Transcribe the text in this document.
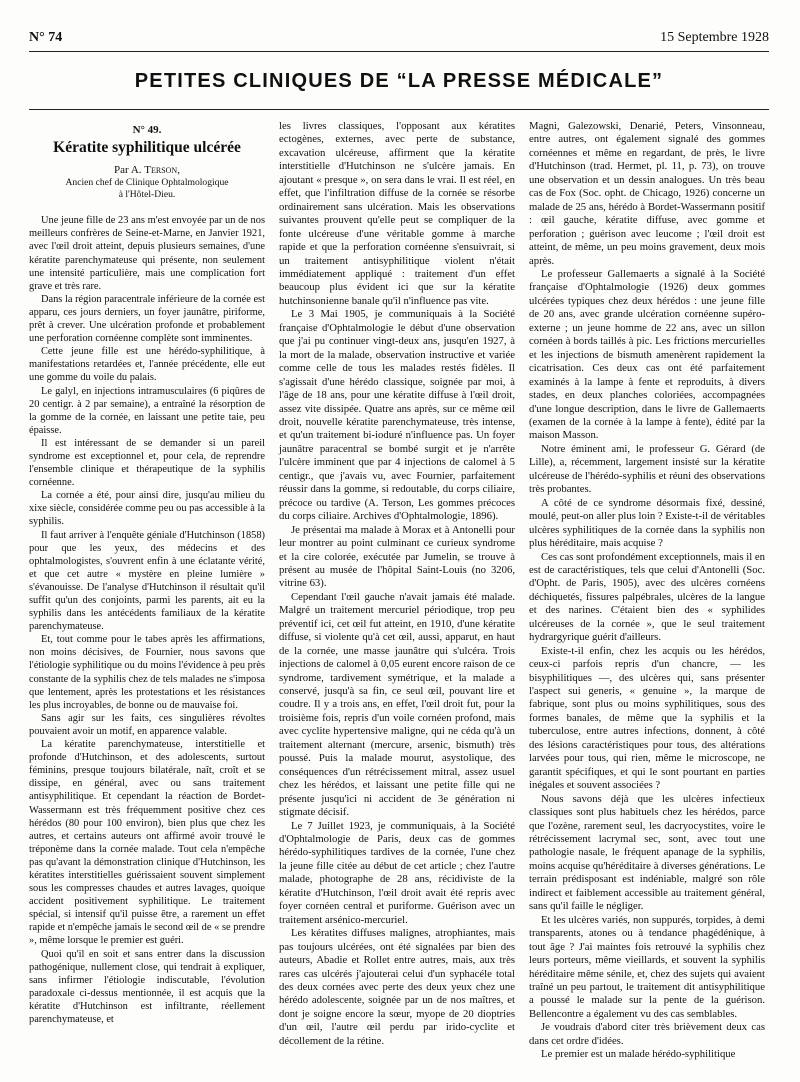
N° 74	15 Septembre 1928
PETITES CLINIQUES DE “LA PRESSE MÉDICALE”
N° 49.
Kératite syphilitique ulcérée
Par A. Terson,
Ancien chef de Clinique Ophtalmologique
à l'Hôtel-Dieu.

Une jeune fille de 23 ans m'est envoyée par un de nos meilleurs confrères de Seine-et-Marne, en Janvier 1921, avec l'œil droit atteint, depuis plusieurs semaines, d'une kératite parenchymateuse qui présente, non seulement une intensité particulière, mais une complication fort grave et très rare.

Dans la région paracentrale inférieure de la cornée est apparu, ces jours derniers, un foyer jaunâtre, piriforme, prêt à crever. Une ulcération profonde et probablement une perforation cornéenne complète sont imminentes.

Cette jeune fille est une hérédo-syphilitique, à manifestations retardées et, l'année précédente, elle eut une gomme du voile du palais.

Le galyl, en injections intramusculaires (6 piqûres de 20 centigr. à 2 par semaine), a entraîné la résorption de la gomme de la cornée, en laissant une petite taie, peu épaisse.

Il est intéressant de se demander si un pareil syndrome est exceptionnel et, pour cela, de reprendre l'ensemble clinique et thérapeutique de la syphilis cornéenne.

La cornée a été, pour ainsi dire, jusqu'au milieu du xixe siècle, considérée comme peu ou pas accessible à la syphilis.

Il faut arriver à l'enquête géniale d'Hutchinson (1858) pour que les yeux, des médecins et des ophtalmologistes, s'ouvrent enfin à une éclatante vérité, et que cet autre « mystère en pleine lumière » s'évanouisse. De l'analyse d'Hutchinson il résultait qu'il suffit qu'un des conjoints, parmi les parents, ait eu la syphilis dans les antécédents familiaux de la kératite parenchymateuse.

Et, tout comme pour le tabes après les affirmations, non moins décisives, de Fournier, nous savons que l'étiologie syphilitique ou du moins l'évidence à peu près constante de la syphilis chez de tels malades ne s'imposa que lentement, après les protestations et les résistances les plus incroyables, de bonne ou de mauvaise foi.

Sans agir sur les faits, ces singulières révoltes pouvaient avoir un motif, en apparence valable.

La kératite parenchymateuse, interstitielle et profonde d'Hutchinson, et des adolescents, surtout féminins, presque toujours bilatérale, naît, croît et se dissipe, en général, avec ou sans traitement antisyphilitique. Et cependant la réaction de Bordet-Wassermann est très fréquemment positive chez ces hérédos (80 pour 100 environ), bien plus que chez les autres, et certains auteurs ont affirmé avoir trouvé le tréponème dans la cornée malade. Tout cela n'empêche pas qu'avant la démonstration clinique d'Hutchinson, les kératites interstitielles guérissaient souvent simplement sous les compresses chaudes et autres lavages, quoique accident positivement syphilitique. Le traitement spécial, si intensif qu'il puisse être, a rarement un effet rapide et n'empêche jamais le second œil de « se prendre », même lorsque le premier est guéri.

Quoi qu'il en soit et sans entrer dans la discussion pathogénique, nullement close, qui tendrait à expliquer, sans infirmer l'étiologie indiscutable, l'évolution paradoxale ci-dessus mentionnée, il est acquis que la kératite d'Hutchinson est infiltrante, réellement parenchymateuse, et

les livres classiques, l'opposant aux kératites ectogènes, externes, avec perte de substance, excavation ulcéreuse, affirment que la kératite interstitielle d'Hutchinson ne s'ulcère jamais. En ajoutant « presque », on sera dans le vrai. Il est réel, en effet, que l'infiltration diffuse de la cornée se résorbe ordinairement sans ulcération. Mais les observations suivantes prouvent qu'elle peut se compliquer de la fonte ulcéreuse d'une véritable gomme à marche rapide et que la perforation cornéenne s'ensuivrait, si un traitement antisyphilitique violent n'était immédiatement appliqué : traitement d'un effet beaucoup plus évident ici que sur la kératite hutchinsonienne banale qu'il n'influence pas vite.

Le 3 Mai 1905, je communiquais à la Société française d'Ophtalmologie le début d'une observation que j'ai pu continuer vingt-deux ans, jusqu'en 1927, à la mort de la malade, observation instructive et variée comme celle de tous les malades restés fidèles. Il s'agissait d'une hérédo classique, soignée par moi, à l'âge de 18 ans, pour une kératite diffuse à l'œil droit, assez vite dissipée. Quatre ans après, sur ce même œil droit, nouvelle kératite parenchymateuse, très intense, et qu'un traitement bi-ioduré n'influence pas. Un foyer jaunâtre paracentral se bombé surgit et je n'arrête l'ulcère imminent que par 4 injections de calomel à 5 centigr., que j'avais vu, avec Fournier, parfaitement réussir dans la gomme, si redoutable, du corps ciliaire, précoce ou tardive (A. Terson, Les gommes précoces du corps ciliaire. Archives d'Ophtalmologie, 1896).

Je présentai ma malade à Morax et à Antonelli pour leur montrer au point culminant ce curieux syndrome et la cire colorée, exécutée par Jumelin, se trouve à présent au musée de l'hôpital Saint-Louis (no 3206, vitrine 63).

Cependant l'œil gauche n'avait jamais été malade. Malgré un traitement mercuriel périodique, trop peu préventif ici, cet œil fut atteint, en 1910, d'une kératite diffuse, si violente qu'à cet œil, aussi, apparut, en haut de la cornée, une masse jaunâtre qui s'ulcéra. Trois injections de calomel à 0,05 eurent encore raison de ce syndrome, tardivement symétrique, et la malade a conservé, jusqu'à sa fin, ce seul œil, pouvant lire et coudre. Il y a trois ans, en effet, l'œil droit fut, pour la troisième fois, repris d'un voile cornéen profond, mais avec cyclite hypertensive maligne, qui ne céda qu'à un traitement alternant (mercure, arsenic, bismuth) très poussé. Puis la malade mourut, asystolique, des conséquences d'un rétrécissement mitral, assez usuel chez les hérédos, et laissant une petite fille qui ne présente jusqu'ici ni accident de 3e génération ni stigmate décisif.

Le 7 Juillet 1923, je communiquais, à la Société d'Ophtalmologie de Paris, deux cas de gommes hérédo-syphilitiques tardives de la cornée, l'une chez la jeune fille citée au début de cet article ; chez l'autre malade, photographe de 28 ans, récidiviste de la kératite d'Hutchinson, l'œil droit avait été repris avec foyer cornéen central et puriforme. Guérison avec un traitement arsénico-mercuriel.

Les kératites diffuses malignes, atrophiantes, mais pas toujours ulcérées, ont été signalées par bien des auteurs, Abadie et Rollet entre autres, mais, aux très rares cas ulcérés j'ajouterai celui d'un syphacéle total des deux cornées avec perte des deux yeux chez une hérédo adolescente, soignée par un de nos maîtres, et dont je soigne encore la sœur, myope de 20 dioptries d'un œil, l'autre œil perdu par irido-cyclite et décollement de la rétine.

Magni, Galezowski, Denarié, Peters, Vinsonneau, entre autres, ont également signalé des gommes cornéennes et même en regardant, de près, le livre d'Hutchinson (trad. Hermet, pl. 11, p. 73), on trouve une observation et un dessin analogues. Un très beau cas de Fox (Soc. opht. de Chicago, 1926) concerne un malade de 25 ans, hérédo à Bordet-Wassermann positif : œil gauche, kératite diffuse, avec gomme et perforation ; guérison avec leucome ; l'œil droit est atteint, de même, un peu moins gravement, deux mois après.

Le professeur Gallemaerts a signalé à la Société française d'Ophtalmologie (1926) deux gommes ulcérées typiques chez deux hérédos : une jeune fille de 20 ans, avec grande ulcération cornéenne supéro-externe ; un jeune homme de 22 ans, avec un sillon cornéen à bords taillés à pic. Les frictions mercurielles et les injections de bismuth amenèrent rapidement la cicatrisation. Ces deux cas ont été parfaitement examinés à la lampe à fente et reproduits, à divers stades, en deux planches coloriées, accompagnées d'une longue description, dans le livre de Gallemaerts (examen de la cornée à la lampe à fente), édité par la maison Masson.

Notre éminent ami, le professeur G. Gérard (de Lille), a, récemment, largement insisté sur la kératite ulcéreuse de l'hérédo-syphilis et réuni des observations très probantes.

A côté de ce syndrome désormais fixé, dessiné, moulé, peut-on aller plus loin ? Existe-t-il de véritables ulcères syphilitiques de la cornée dans la syphilis non plus héréditaire, mais acquise ?

Ces cas sont profondément exceptionnels, mais il en est de caractéristiques, tels que celui d'Antonelli (Soc. d'Opht. de Paris, 1905), avec des ulcères cornéens déchiquetés, fissures palpébrales, ulcères de la langue et des narines. C'étaient bien des « syphilides ulcéreuses de la cornée », que le seul traitement hydrargyrique guérit d'ailleurs.

Existe-t-il enfin, chez les acquis ou les hérédos, ceux-ci parfois repris d'un chancre, — les bisyphilitiques —, des ulcères qui, sans présenter l'aspect sui generis, « genuine », la marque de fabrique, sont plus ou moins syphilitiques, sous des formes banales, de même que la syphilis et la tuberculose, entre autres infections, donnent, à côté des lésions caractéristiques pour tous, des altérations larvées pour tous, qui rien, même le microscope, ne garantit spécifiques, et qui le sont pourtant en parties inégales et souvent associées ?

Nous savons déjà que les ulcères infectieux classiques sont plus habituels chez les hérédos, parce que l'ozène, rarement seul, les dacryocystites, voire le rétrécissement lacrymal sec, sont, avec tout une pathologie nasale, le fréquent apanage de la syphilis, moins acquise qu'héréditaire à diverses générations. Le terrain prédisposant est indéniable, malgré son rôle indirect et faiblement accessible au traitement général, sans qu'il faille le négliger.

Et les ulcères variés, non suppurés, torpides, à demi transparents, atones ou à tendance phagédénique, à tout âge ? J'ai maintes fois retrouvé la syphilis chez leurs porteurs, même vieillards, et souvent la syphilis héréditaire même sénile, et, chez des sujets qui avaient traîné un peu partout, le traitement dit antisyphilitique a poussé le malade sur la pente de la guérison. Bellencontre a également vu des cas semblables.

Je voudrais d'abord citer très brièvement deux cas dans cet ordre d'idées.

Le premier est un malade hérédo-syphilitique
